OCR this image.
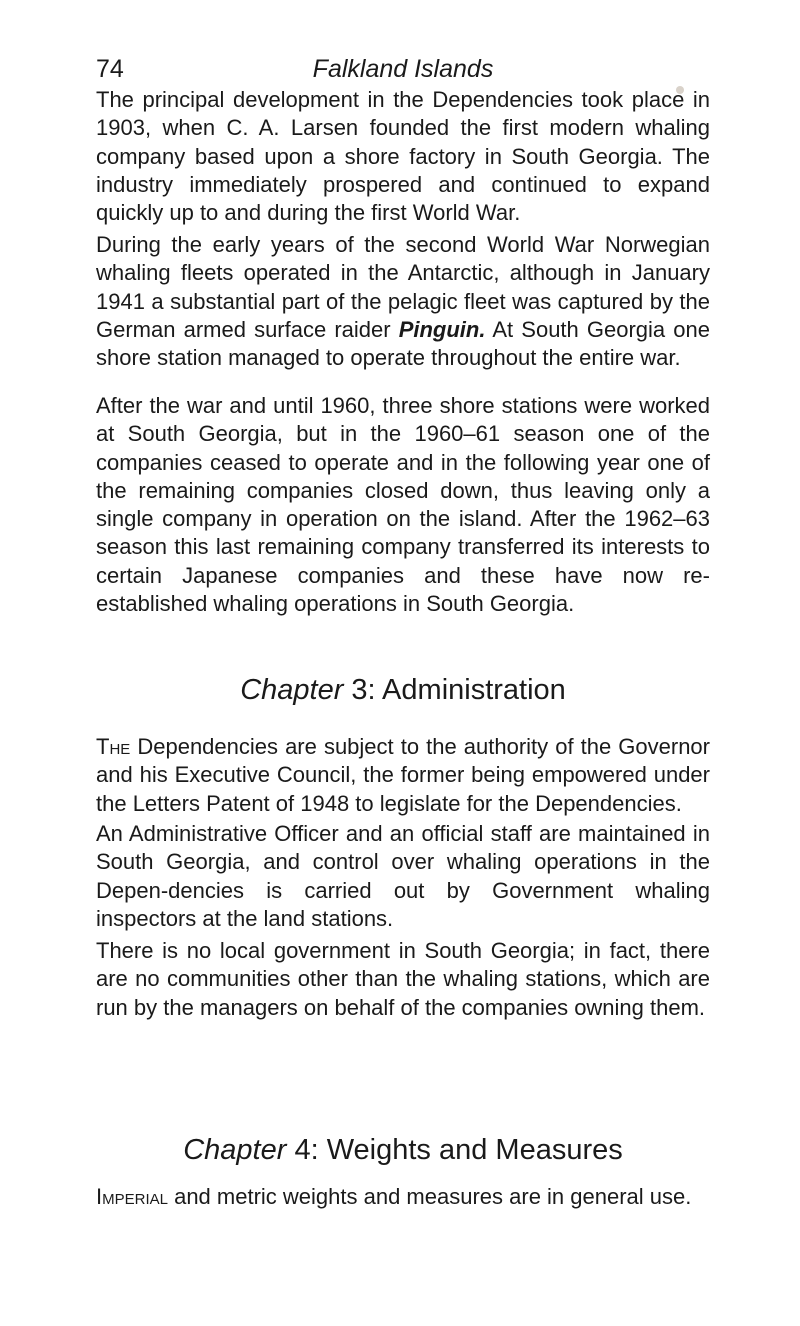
74	Falkland Islands

The principal development in the Dependencies took place in 1903, when C. A. Larsen founded the first modern whaling company based upon a shore factory in South Georgia. The industry immediately prospered and continued to expand quickly up to and during the first World War.

During the early years of the second World War Norwegian whaling fleets operated in the Antarctic, although in January 1941 a substantial part of the pelagic fleet was captured by the German armed surface raider Pinguin. At South Georgia one shore station managed to operate throughout the entire war.

After the war and until 1960, three shore stations were worked at South Georgia, but in the 1960–61 season one of the companies ceased to operate and in the following year one of the remaining companies closed down, thus leaving only a single company in operation on the island. After the 1962–63 season this last remaining company transferred its interests to certain Japanese companies and these have now re-established whaling operations in South Georgia.

Chapter 3: Administration

The Dependencies are subject to the authority of the Governor and his Executive Council, the former being empowered under the Letters Patent of 1948 to legislate for the Dependencies.

An Administrative Officer and an official staff are maintained in South Georgia, and control over whaling operations in the Depen-dencies is carried out by Government whaling inspectors at the land stations.

There is no local government in South Georgia; in fact, there are no communities other than the whaling stations, which are run by the managers on behalf of the companies owning them.

Chapter 4: Weights and Measures

Imperial and metric weights and measures are in general use.
